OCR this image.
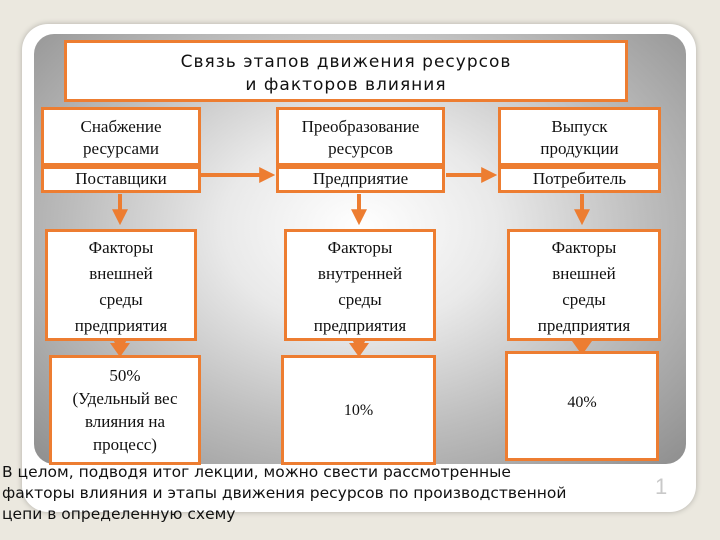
Связь этапов движения ресурсов
и факторов влияния
Снабжение
ресурсами
Преобразование
ресурсов
Выпуск
продукции
Поставщики	Предприятие	Потребитель
Факторы
внешней
среды
предприятия
Факторы
внутренней
среды
предприятия
Факторы
внешней
среды
предприятия
50%
(Удельный вес
влияния на
процесс)
10%	40%
1
В целом, подводя итог лекции, можно свести рассмотренные
факторы влияния и этапы движения ресурсов по производственной
цепи в определенную схему
